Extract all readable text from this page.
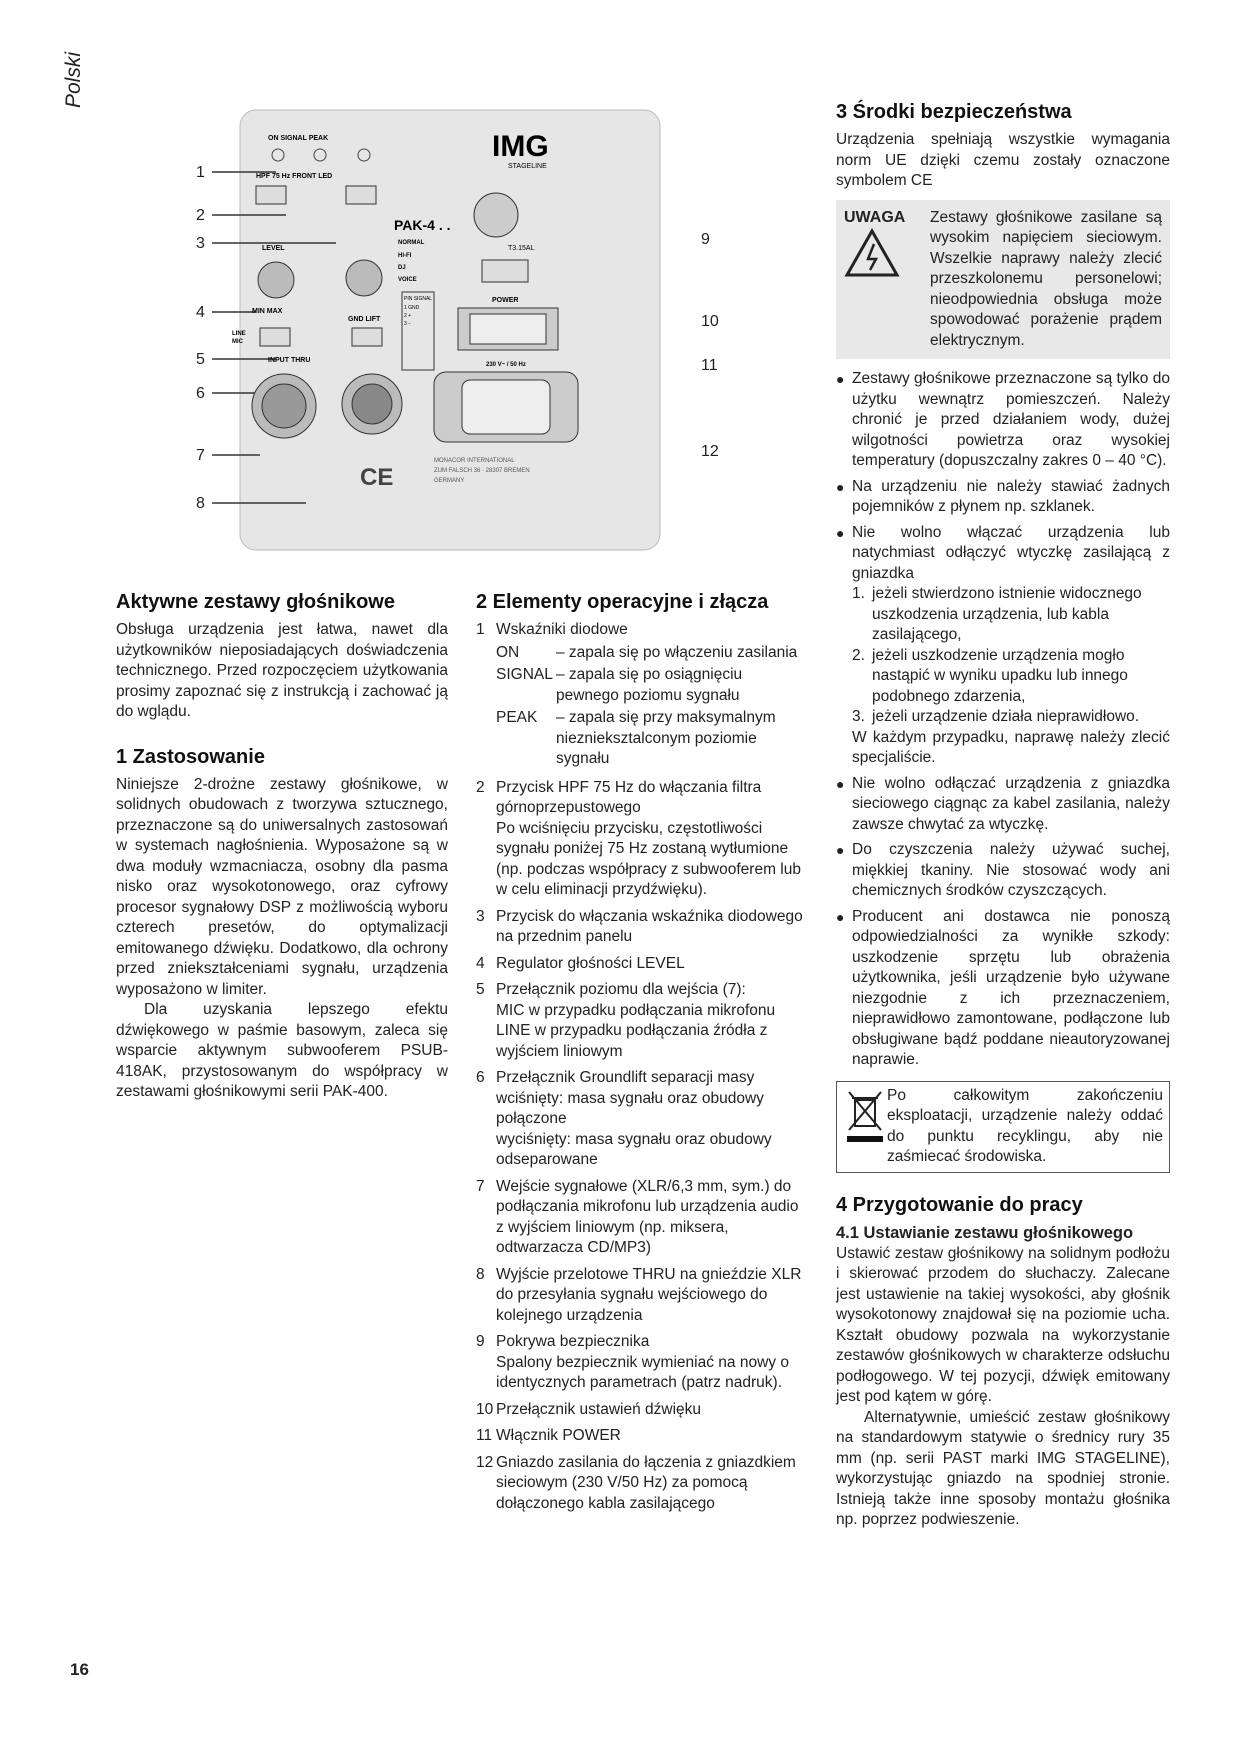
Polski
16
1
2
3
4
5
6
7
8
9
10
11
12
ON SIGNAL PEAK
HPF 75 Hz FRONT LED
IMG
STAGELINE
PAK-4 . .
LEVEL
MIN MAX
NORMAL
HI-FI
DJ
VOICE
T3.15AL
LINE
MIC
GND LIFT
INPUT THRU
PIN SIGNAL
1 GND
2 +
3 −
POWER
230 V~ / 50 Hz
CE
MONACOR INTERNATIONAL
ZUM FALSCH 36 · 28307 BREMEN
GERMANY
Aktywne zestawy głośnikowe

Obsługa urządzenia jest łatwa, nawet dla użytkowników nieposiadających doświadczenia technicznego. Przed rozpoczęciem użytkowania prosimy zapoznać się z instrukcją i zachować ją do wglądu.

1 Zastosowanie

Niniejsze 2-drożne zestawy głośnikowe, w solidnych obudowach z tworzywa sztucznego, przeznaczone są do uniwersalnych zastosowań w systemach nagłośnienia. Wyposażone są w dwa moduły wzmacniacza, osobny dla pasma nisko oraz wysokotonowego, oraz cyfrowy procesor sygnałowy DSP z możliwością wyboru czterech presetów, do optymalizacji emitowanego dźwięku. Dodatkowo, dla ochrony przed zniekształceniami sygnału, urządzenia wyposażono w limiter.

Dla uzyskania lepszego efektu dźwiękowego w paśmie basowym, zaleca się wsparcie aktywnym subwooferem PSUB-418AK, przystosowanym do współpracy w zestawami głośnikowymi serii PAK-400.

2 Elementy operacyjne i złącza
1 Wskaźniki diodowe
ON	– zapala się po włączeniu zasilania
SIGNAL – zapala się po osiągnięciu pewnego poziomu sygnału
PEAK	– zapala się przy maksymalnym nieznieksztalconym poziomie sygnału
2 Przycisk HPF 75 Hz do włączania filtra górnoprzepustowego
Po wciśnięciu przycisku, częstotliwości sygnału poniżej 75 Hz zostaną wytłumione (np. podczas współpracy z subwooferem lub w celu eliminacji przydźwięku).
3 Przycisk do włączania wskaźnika diodowego na przednim panelu
4 Regulator głośności LEVEL
5 Przełącznik poziomu dla wejścia (7):
MIC w przypadku podłączania mikrofonu
LINE w przypadku podłączania źródła z wyjściem liniowym
6 Przełącznik Groundlift separacji masy
wciśnięty: masa sygnału oraz obudowy połączone
wyciśnięty: masa sygnału oraz obudowy odseparowane
7 Wejście sygnałowe (XLR/6,3 mm, sym.) do podłączania mikrofonu lub urządzenia audio z wyjściem liniowym (np. miksera, odtwarzacza CD/MP3)
8 Wyjście przelotowe THRU na gnieździe XLR do przesyłania sygnału wejściowego do kolejnego urządzenia
9 Pokrywa bezpiecznika
Spalony bezpiecznik wymieniać na nowy o identycznych parametrach (patrz nadruk).
10 Przełącznik ustawień dźwięku
11 Włącznik POWER
12 Gniazdo zasilania do łączenia z gniazdkiem sieciowym (230 V/50 Hz) za pomocą dołączonego kabla zasilającego
3 Środki bezpieczeństwa

Urządzenia spełniają wszystkie wymagania norm UE dzięki czemu zostały oznaczone symbolem CE

UWAGA	Zestawy głośnikowe zasilane są wysokim napięciem sieciowym. Wszelkie naprawy należy zlecić przeszkolonemu personelowi; nieodpowiednia obsługa może spowodować porażenie prądem elektrycznym.

● Zestawy głośnikowe przeznaczone są tylko do użytku wewnątrz pomieszczeń. Należy chronić je przed działaniem wody, dużej wilgotności powietrza oraz wysokiej temperatury (dopuszczalny zakres 0 – 40 °C).

● Na urządzeniu nie należy stawiać żadnych pojemników z płynem np. szklanek.

● Nie wolno włączać urządzenia lub natychmiast odłączyć wtyczkę zasilającą z gniazdka

1. jeżeli stwierdzono istnienie widocznego uszkodzenia urządzenia, lub kabla zasilającego,
2. jeżeli uszkodzenie urządzenia mogło nastąpić w wyniku upadku lub innego podobnego zdarzenia,
3. jeżeli urządzenie działa nieprawidłowo.

W każdym przypadku, naprawę należy zlecić specjaliście.

● Nie wolno odłączać urządzenia z gniazdka sieciowego ciągnąc za kabel zasilania, należy zawsze chwytać za wtyczkę.

● Do czyszczenia należy używać suchej, miękkiej tkaniny. Nie stosować wody ani chemicznych środków czyszczących.

● Producent ani dostawca nie ponoszą odpowiedzialności za wynikłe szkody: uszkodzenie sprzętu lub obrażenia użytkownika, jeśli urządzenie było używane niezgodnie z ich przeznaczeniem, nieprawidłowo zamontowane, podłączone lub obsługiwane bądź poddane nieautoryzowanej naprawie.

Po całkowitym zakończeniu eksploatacji, urządzenie należy oddać do punktu recyklingu, aby nie zaśmiecać środowiska.

4 Przygotowanie do pracy
4.1 Ustawianie zestawu głośnikowego

Ustawić zestaw głośnikowy na solidnym podłożu i skierować przodem do słuchaczy. Zalecane jest ustawienie na takiej wysokości, aby głośnik wysokotonowy znajdował się na poziomie ucha. Kształt obudowy pozwala na wykorzystanie zestawów głośnikowych w charakterze odsłuchu podłogowego. W tej pozycji, dźwięk emitowany jest pod kątem w górę.

Alternatywnie, umieścić zestaw głośnikowy na standardowym statywie o średnicy rury 35 mm (np. serii PAST marki IMG STAGELINE), wykorzystując gniazdo na spodniej stronie. Istnieją także inne sposoby montażu głośnika np. poprzez podwieszenie.
